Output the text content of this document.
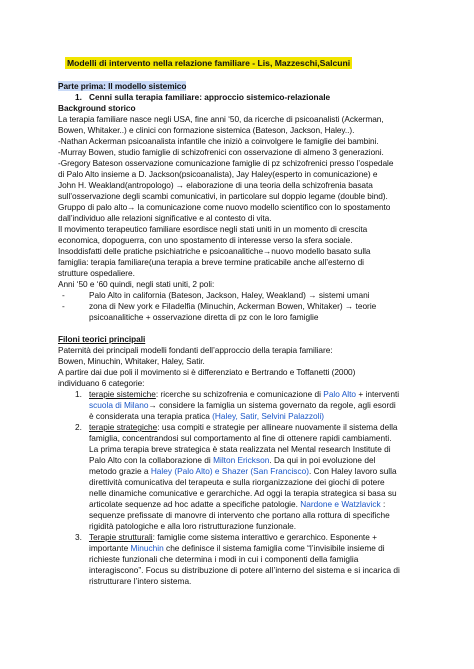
Modelli di intervento nella relazione familiare - Lis, Mazzeschi,Salcuni
Parte prima: Il modello sistemico
1. Cenni sulla terapia familiare: approccio sistemico-relazionale
Background storico
La terapia familiare nasce negli USA, fine anni ‘50, da ricerche di psicoanalisti (Ackerman,
Bowen, Whitaker..) e clinici con formazione sistemica (Bateson, Jackson, Haley..).
-Nathan Ackerman psicoanalista infantile che iniziò a coinvolgere le famiglie dei bambini.
-Murray Bowen, studio famiglie di schizofrenici con osservazione di almeno 3 generazioni.
-Gregory Bateson osservazione comunicazione famiglie di pz schizofrenici presso l’ospedale
di Palo Alto insieme a D. Jackson(psicoanalista), Jay Haley(esperto in comunicazione) e
John H. Weakland(antropologo) → elaborazione di una teoria della schizofrenia basata
sull’osservazione degli scambi comunicativi, in particolare sul doppio legame (double bind).
Gruppo di palo alto→ la comunicazione come nuovo modello scientifico con lo spostamento
dall’individuo alle relazioni significative e al contesto di vita.
Il movimento terapeutico familiare esordisce negli stati uniti in un momento di crescita
economica, dopoguerra, con uno spostamento di interesse verso la sfera sociale.
Insoddisfatti delle pratiche psichiatriche e psicoanalitiche→nuovo modello basato sulla
famiglia: terapia familiare(una terapia a breve termine praticabile anche all’esterno di
strutture ospedaliere.
Anni ‘50 e ‘60 quindi, negli stati uniti, 2 poli:
-	Palo Alto in california (Bateson, Jackson, Haley, Weakland) → sistemi umani
-	zona di New york e Filadelfia (Minuchin, Ackerman Bowen, Whitaker) → teorie
psicoanalitiche + osservazione diretta di pz con le loro famiglie
Filoni teorici principali
Paternità dei principali modelli fondanti dell’approccio della terapia familiare:
Bowen, Minuchin, Whitaker, Haley, Satir.
A partire dai due poli il movimento si è differenziato e Bertrando e Toffanetti (2000)
individuano 6 categorie:
1. terapie sistemiche: ricerche su schizofrenia e comunicazione di Palo Alto + interventi
scuola di Milano→ considere la famiglia un sistema governato da regole, agli esordi
è considerata una terapia pratica (Haley, Satir, Selvini Palazzoli)
2. terapie strategiche: usa compiti e strategie per allineare nuovamente il sistema della
famiglia, concentrandosi sul comportamento al fine di ottenere rapidi cambiamenti.
La prima terapia breve strategica è stata realizzata nel Mental research Institute di
Palo Alto con la collaborazione di Milton Erickson. Da qui in poi evoluzione del
metodo grazie a Haley (Palo Alto) e Shazer (San Francisco). Con Haley lavoro sulla
direttività comunicativa del terapeuta e sulla riorganizzazione dei giochi di potere
nelle dinamiche comunicative e gerarchiche. Ad oggi la terapia strategica si basa su
articolate sequenze ad hoc adatte a specifiche patologie. Nardone e Watzlavick :
sequenze prefissate di manovre di intervento che portano alla rottura di specifiche
rigidità patologiche e alla loro ristrutturazione funzionale.
3. Terapie strutturali: famiglie come sistema interattivo e gerarchico. Esponente +
importante Minuchin che definisce il sistema famiglia come “l’invisibile insieme di
richieste funzionali che determina i modi in cui i componenti della famiglia
interagiscono”. Focus su distribuzione di potere all’interno del sistema e si incarica di
ristrutturare l’intero sistema.
